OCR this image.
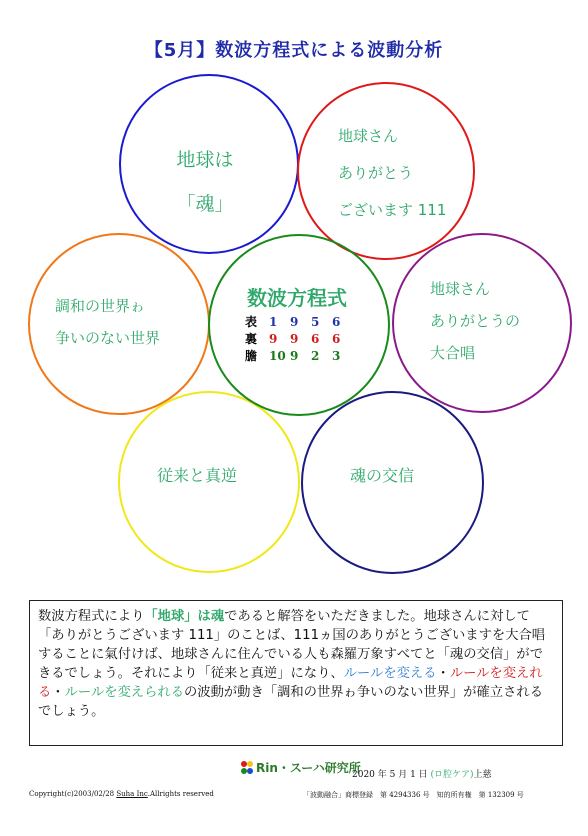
【5月】数波方程式による波動分析
地球は
「魂」
地球さん
ありがとう
ございます 111
調和の世界ゎ
争いのない世界
地球さん
ありがとうの
大合唱
従来と真逆	魂の交信
数波方程式
表	1	9	5	6
裏	9	9	6	6
膽	10	9	2	3
数波方程式により「地球」は魂であると解答をいただきました。地球さんに対して「ありがとうございます 111」のことば、111ヵ国のありがとうございますを大合唱することに氣付けば、地球さんに住んでいる人も森羅万象すべてと「魂の交信」ができるでしょう。それにより「従来と真逆」になり、ルールを変える・ルールを変えれる・ルールを変えられるの波動が動き「調和の世界ゎ争いのない世界」が確立されるでしょう。
Rin・スーハ研究所
2020 年 5 月 1 日 (ロ腔ケア)上慈
Copyright(c)2003/02/28 Suha Inc.Allrights reserved	「波動融合」商標登録　第 4294336 号　知的所有権　第 132309 号
